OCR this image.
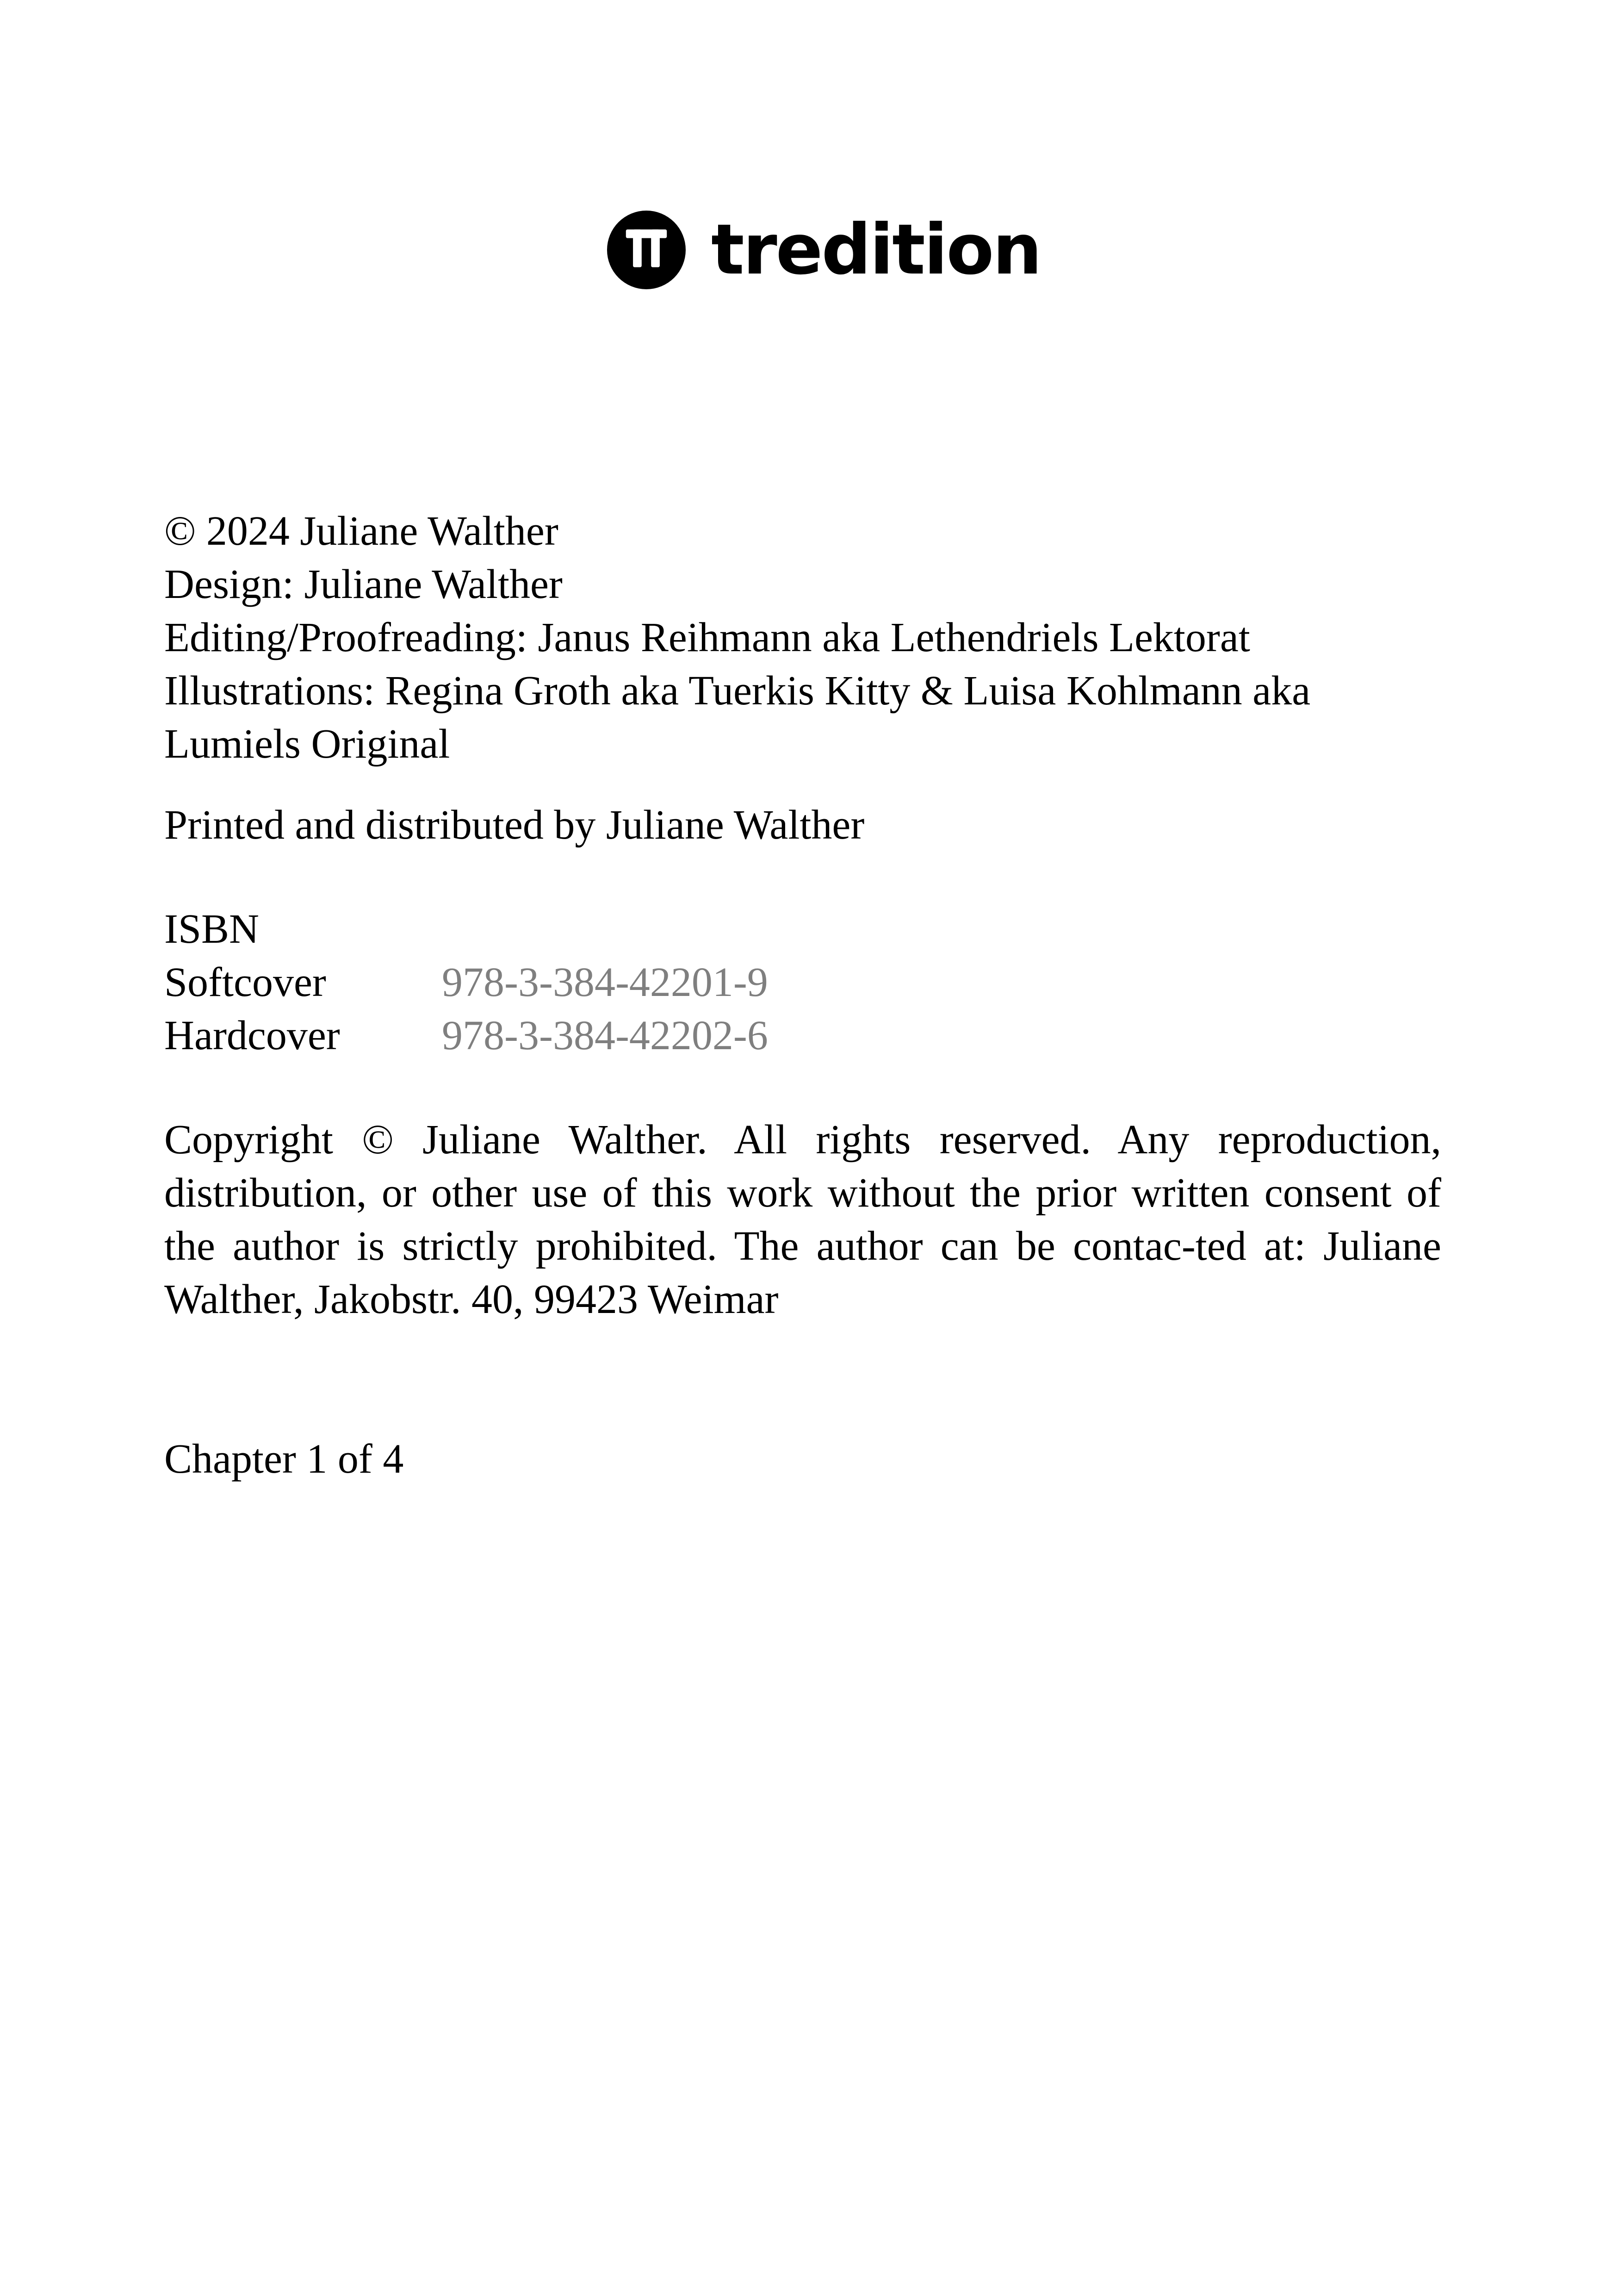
tredition
© 2024 Juliane Walther
Design: Juliane Walther
Editing/Proofreading: Janus Reihmann aka Lethendriels Lektorat
Illustrations: Regina Groth aka Tuerkis Kitty & Luisa Kohlmann aka
Lumiels Original
Printed and distributed by Juliane Walther
ISBN
Softcover	978-3-384-42201-9
Hardcover	978-3-384-42202-6
Copyright © Juliane Walther. All rights reserved. Any reproduction, distribution, or other use of this work without the prior written consent of the author is strictly prohibited. The author can be contac-ted at: Juliane Walther, Jakobstr. 40, 99423 Weimar
Chapter 1 of 4
